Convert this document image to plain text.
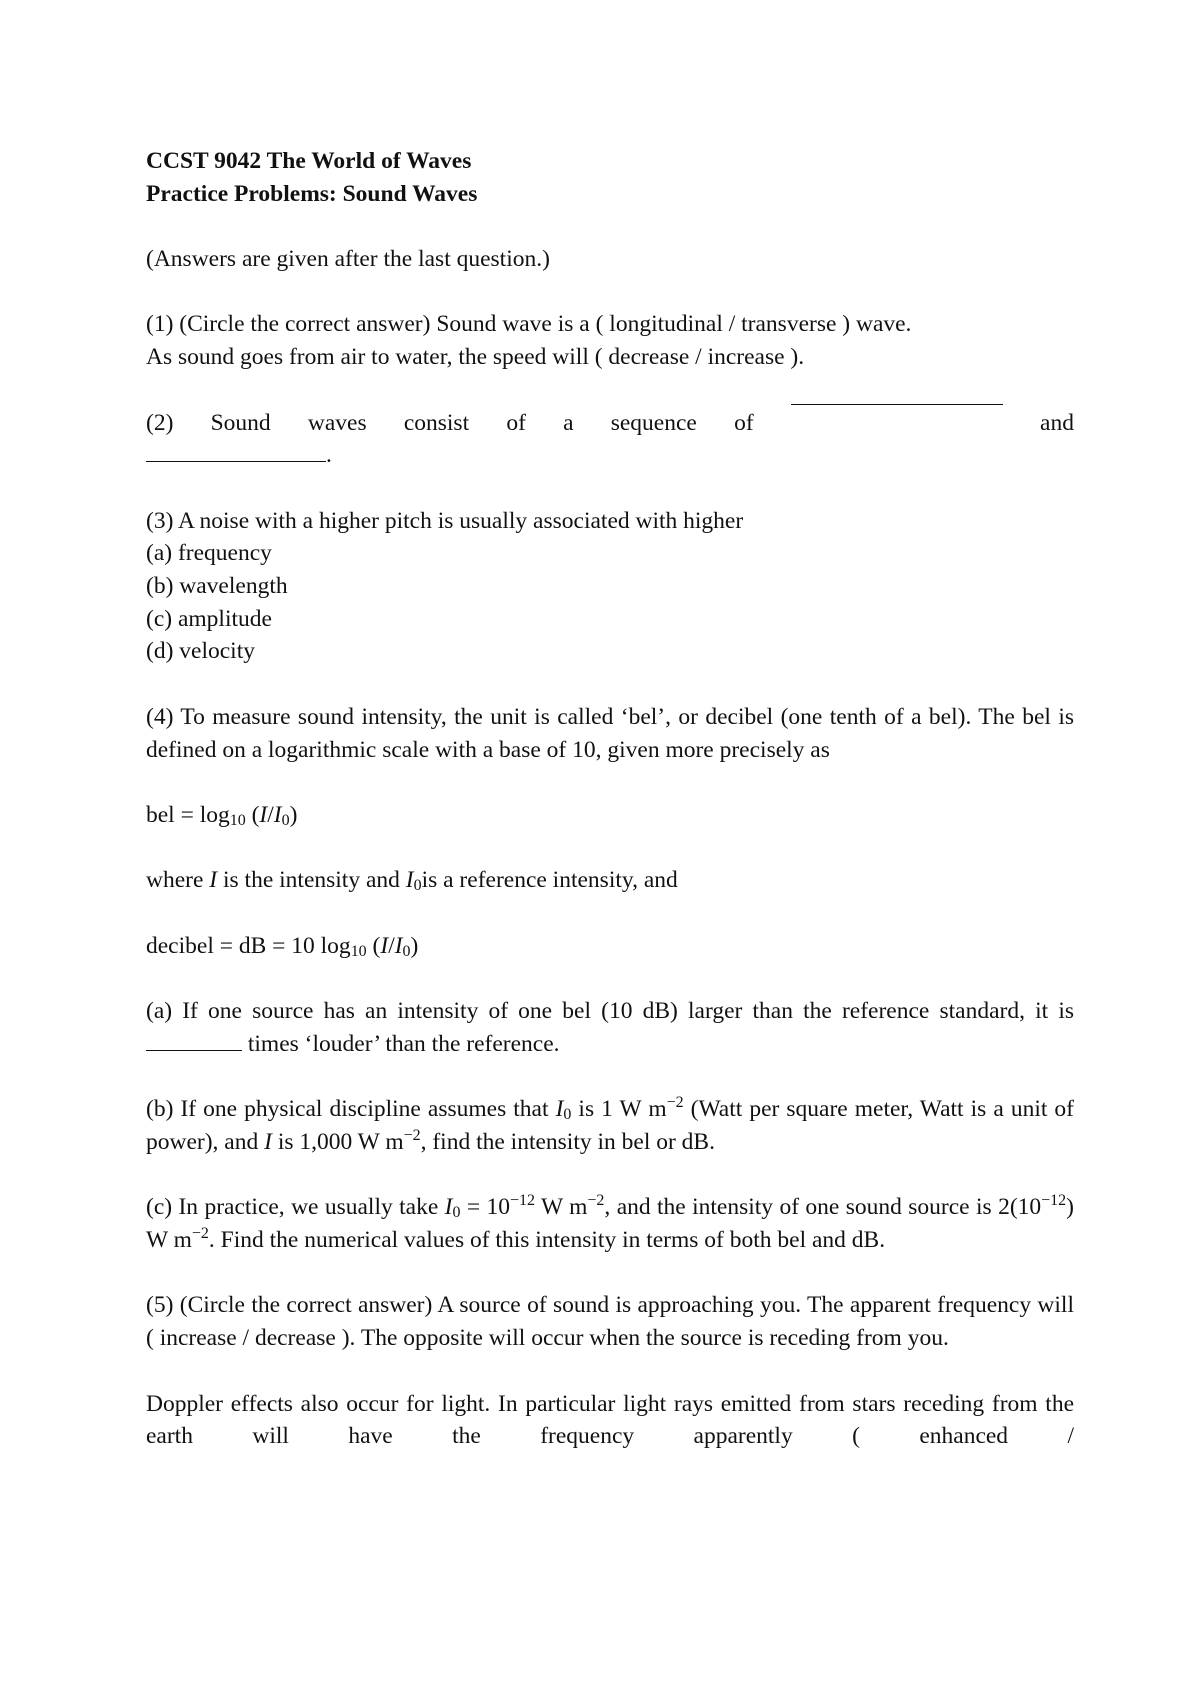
CCST 9042 The World of Waves
Practice Problems: Sound Waves

(Answers are given after the last question.)

(1) (Circle the correct answer) Sound wave is a ( longitudinal / transverse ) wave.
As sound goes from air to water, the speed will ( decrease / increase ).

(2) Sound waves consist of a sequence of	and
.

(3) A noise with a higher pitch is usually associated with higher
(a) frequency
(b) wavelength
(c) amplitude
(d) velocity

(4) To measure sound intensity, the unit is called ‘bel’, or decibel (one tenth of a bel). The bel is defined on a logarithmic scale with a base of 10, given more precisely as

bel = $\log_{10} (I/I_0)$

where I is the intensity and $I_0is$ a reference intensity, and

decibel = dB = 10 $\log_{10} (I/I_0)$

(a) If one source has an intensity of one bel (10 dB) larger than the reference standard, it is  times ‘louder’ than the reference.

(b) If one physical discipline assumes that $I_0$ is 1 W $m^{-2}$ (Watt per square meter, Watt is a unit of power), and I is 1,000 W $m^{-2}$, find the intensity in bel or dB.

(c) In practice, we usually take $I_0 = 10^{-12}$ W $m^{-2}$, and the intensity of one sound source is $2(10^{-12})$ W $m^{-2}$. Find the numerical values of this intensity in terms of both bel and dB.

(5) (Circle the correct answer) A source of sound is approaching you. The apparent frequency will ( increase / decrease ). The opposite will occur when the source is receding from you.

Doppler effects also occur for light. In particular light rays emitted from stars receding from the earth will have the frequency apparently ( enhanced /
